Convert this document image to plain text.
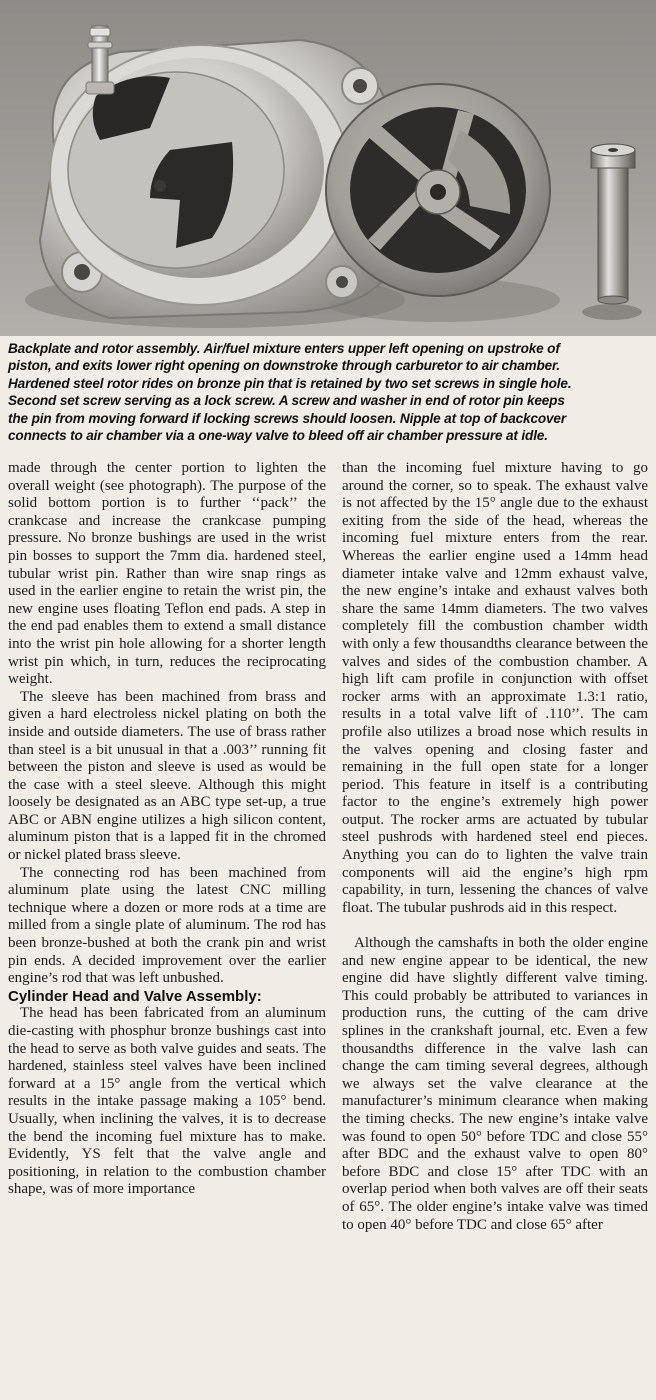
Backplate and rotor assembly. Air/fuel mixture enters upper left opening on upstroke of

piston, and exits lower right opening on downstroke through carburetor to air chamber.

Hardened steel rotor rides on bronze pin that is retained by two set screws in single hole.

Second set screw serving as a lock screw. A screw and washer in end of rotor pin keeps

the pin from moving forward if locking screws should loosen. Nipple at top of backcover

connects to air chamber via a one-way valve to bleed off air chamber pressure at idle.

made through the center portion to lighten the overall weight (see photograph). The purpose of the solid bottom portion is to further ‘‘pack’’ the crankcase and increase the crankcase pumping pressure. No bronze bushings are used in the wrist pin bosses to support the 7mm dia. hardened steel, tubular wrist pin. Rather than wire snap rings as used in the earlier engine to retain the wrist pin, the new engine uses floating Teflon end pads. A step in the end pad enables them to extend a small distance into the wrist pin hole allowing for a shorter length wrist pin which, in turn, reduces the reciprocating weight.

The sleeve has been machined from brass and given a hard electroless nickel plating on both the inside and outside diameters. The use of brass rather than steel is a bit unusual in that a .003’’ running fit between the piston and sleeve is used as would be the case with a steel sleeve. Although this might loosely be designated as an ABC type set-up, a true ABC or ABN engine utilizes a high silicon content, aluminum piston that is a lapped fit in the chromed or nickel plated brass sleeve.

The connecting rod has been machined from aluminum plate using the latest CNC milling technique where a dozen or more rods at a time are milled from a single plate of aluminum. The rod has been bronze-bushed at both the crank pin and wrist pin ends. A decided improvement over the earlier engine’s rod that was left unbushed.

Cylinder Head and Valve Assembly:

The head has been fabricated from an aluminum die-casting with phosphur bronze bushings cast into the head to serve as both valve guides and seats. The hardened, stainless steel valves have been inclined forward at a 15° angle from the vertical which results in the intake passage making a 105° bend. Usually, when inclining the valves, it is to decrease the bend the incoming fuel mixture has to make. Evidently, YS felt that the valve angle and positioning, in relation to the combustion chamber shape, was of more importance

than the incoming fuel mixture having to go around the corner, so to speak. The exhaust valve is not affected by the 15° angle due to the exhaust exiting from the side of the head, whereas the incoming fuel mixture enters from the rear. Whereas the earlier engine used a 14mm head diameter intake valve and 12mm exhaust valve, the new engine’s intake and exhaust valves both share the same 14mm diameters. The two valves completely fill the combustion chamber width with only a few thousandths clearance between the valves and sides of the combustion chamber. A high lift cam profile in conjunction with offset rocker arms with an approximate 1.3:1 ratio, results in a total valve lift of .110’’. The cam profile also utilizes a broad nose which results in the valves opening and closing faster and remaining in the full open state for a longer period. This feature in itself is a contributing factor to the engine’s extremely high power output. The rocker arms are actuated by tubular steel pushrods with hardened steel end pieces. Anything you can do to lighten the valve train components will aid the engine’s high rpm capability, in turn, lessening the chances of valve float. The tubular pushrods aid in this respect.

Although the camshafts in both the older engine and new engine appear to be identical, the new engine did have slightly different valve timing. This could probably be attributed to variances in production runs, the cutting of the cam drive splines in the crankshaft journal, etc. Even a few thousandths difference in the valve lash can change the cam timing several degrees, although we always set the valve clearance at the manufacturer’s minimum clearance when making the timing checks. The new engine’s intake valve was found to open 50° before TDC and close 55° after BDC and the exhaust valve to open 80° before BDC and close 15° after TDC with an overlap period when both valves are off their seats of 65°. The older engine’s intake valve was timed to open 40° before TDC and close 65° after
